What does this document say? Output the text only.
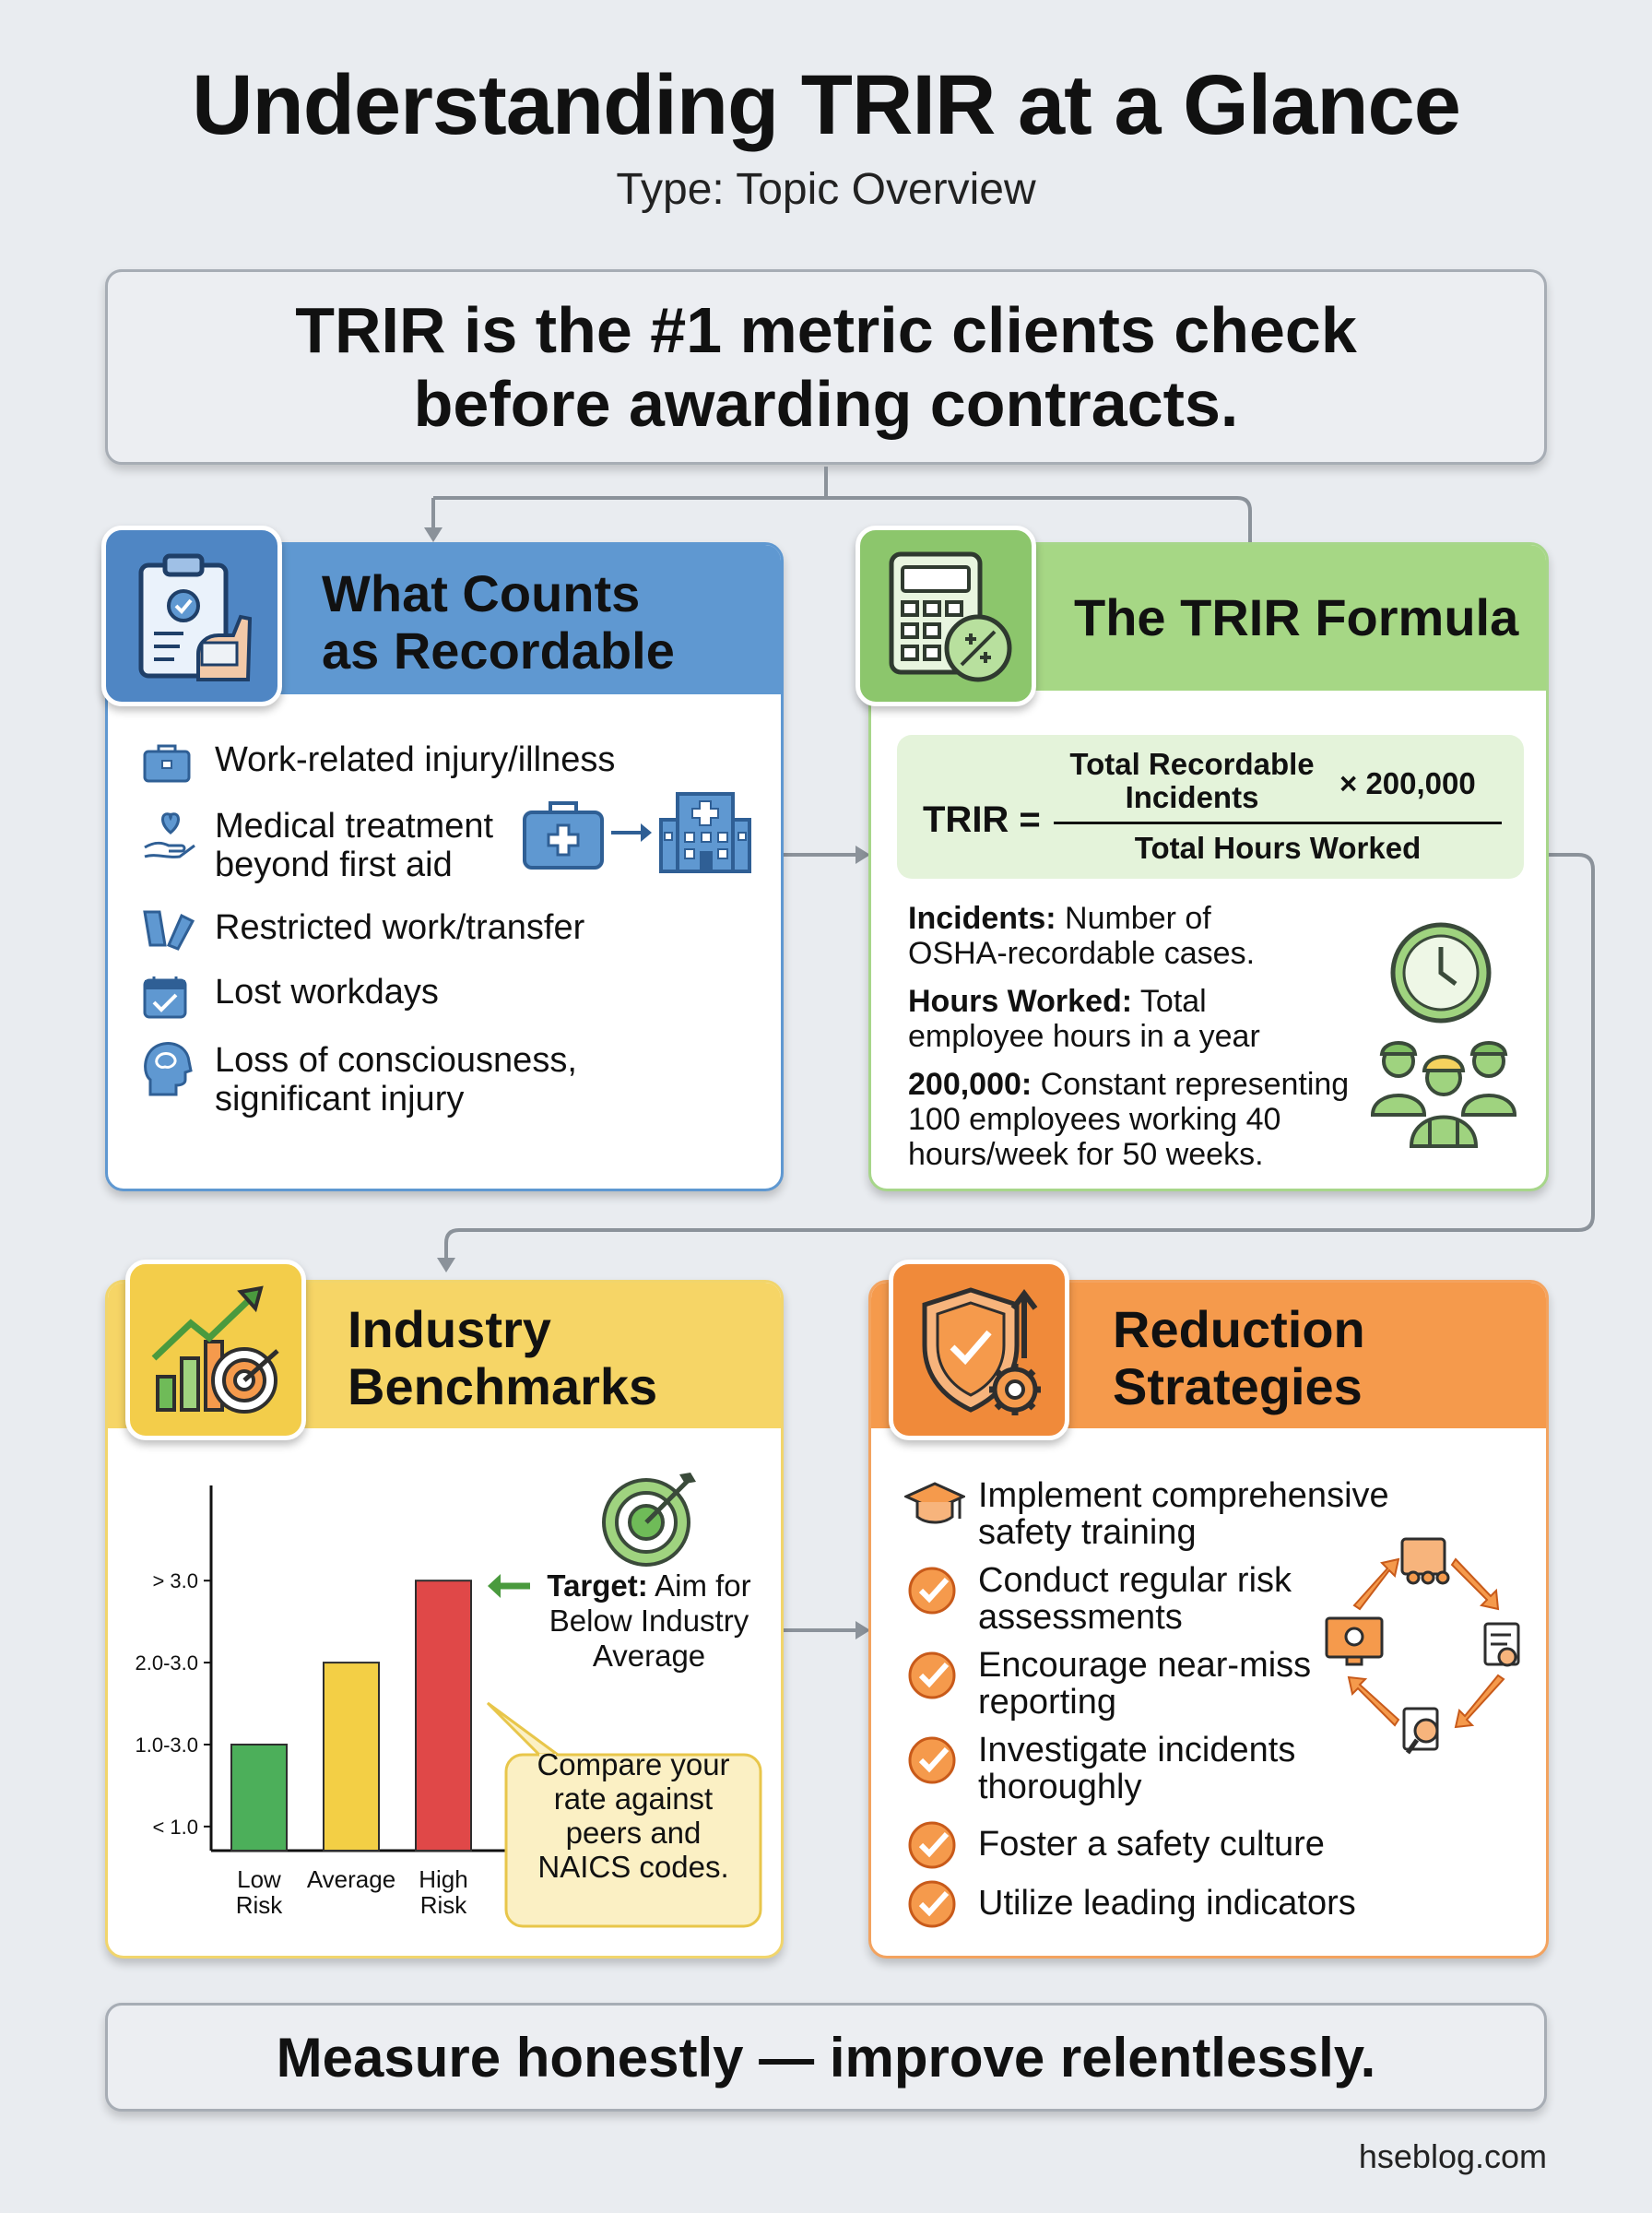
Understanding TRIR at a Glance
Type: Topic Overview
TRIR is the #1 metric clients check
before awarding contracts.
What Counts
as Recordable
Work-related injury/illness
Medical treatment
beyond first aid
Restricted work/transfer
Lost workdays
Loss of consciousness,
significant injury
The TRIR Formula
TRIR =
Total Recordable
Incidents	× 200,000
Total Hours Worked
Incidents: Number of
OSHA-recordable cases.
Hours Worked: Total
employee hours in a year
200,000: Constant representing
100 employees working 40
hours/week for 50 weeks.
Industry
Benchmarks
< 1.0
1.0-3.0
2.0-3.0
> 3.0
Low
Risk
Average High
Risk
Target: Aim for
Below Industry
Average
Compare your
rate against
peers and
NAICS codes.
Reduction
Strategies
Implement comprehensive
safety training
Conduct regular risk
assessments
Encourage near-miss
reporting
Investigate incidents
thoroughly
Foster a safety culture
Utilize leading indicators
Measure honestly — improve relentlessly.
hseblog.com
